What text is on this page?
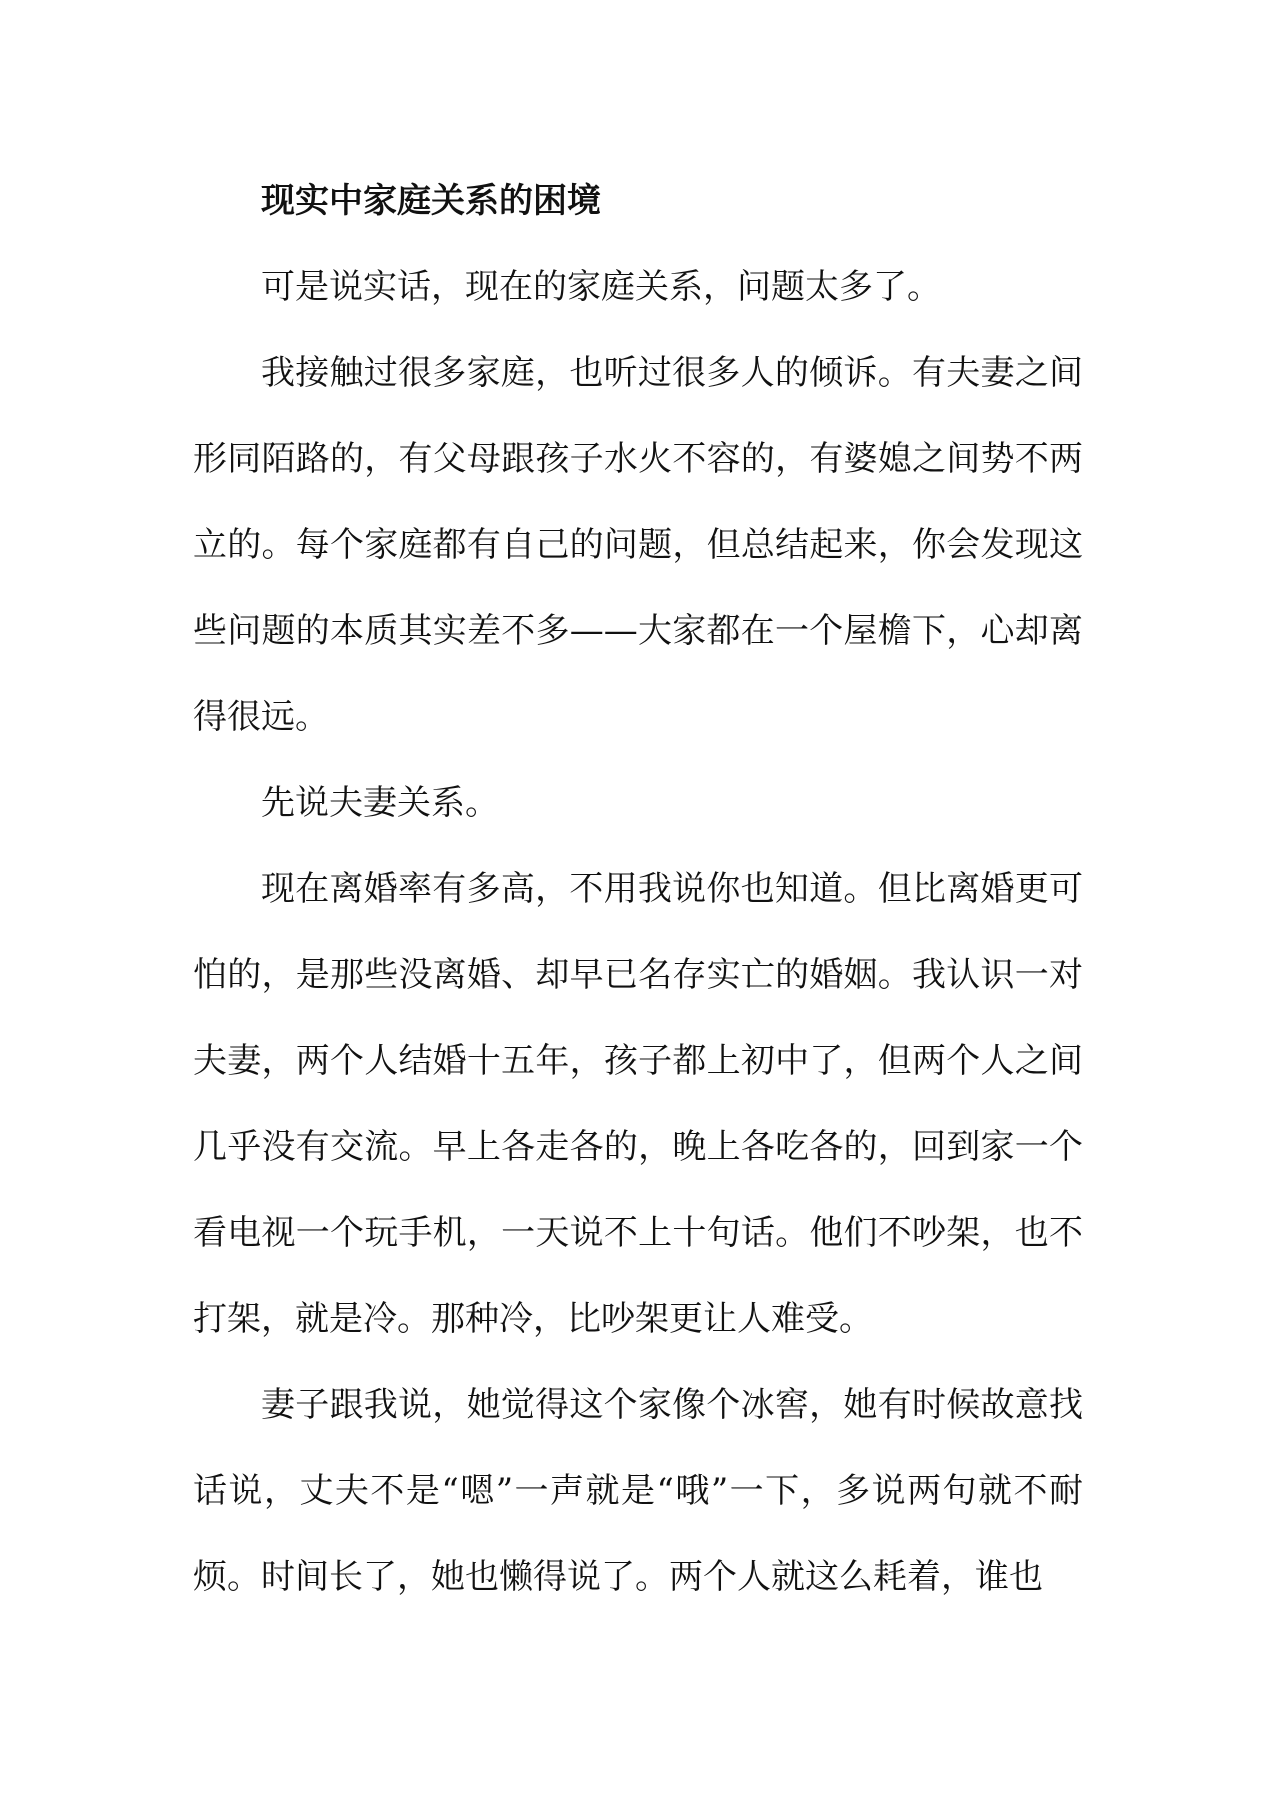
现实中家庭关系的困境

可是说实话，现在的家庭关系，问题太多了。

我接触过很多家庭，也听过很多人的倾诉。有夫妻之间形同陌路的，有父母跟孩子水火不容的，有婆媳之间势不两立的。每个家庭都有自己的问题，但总结起来，你会发现这些问题的本质其实差不多——大家都在一个屋檐下，心却离得很远。

先说夫妻关系。

现在离婚率有多高，不用我说你也知道。但比离婚更可怕的，是那些没离婚、却早已名存实亡的婚姻。我认识一对夫妻，两个人结婚十五年，孩子都上初中了，但两个人之间几乎没有交流。早上各走各的，晚上各吃各的，回到家一个看电视一个玩手机，一天说不上十句话。他们不吵架，也不打架，就是冷。那种冷，比吵架更让人难受。

妻子跟我说，她觉得这个家像个冰窖，她有时候故意找话说，丈夫不是“嗯”一声就是“哦”一下，多说两句就不耐烦。时间长了，她也懒得说了。两个人就这么耗着，谁也
